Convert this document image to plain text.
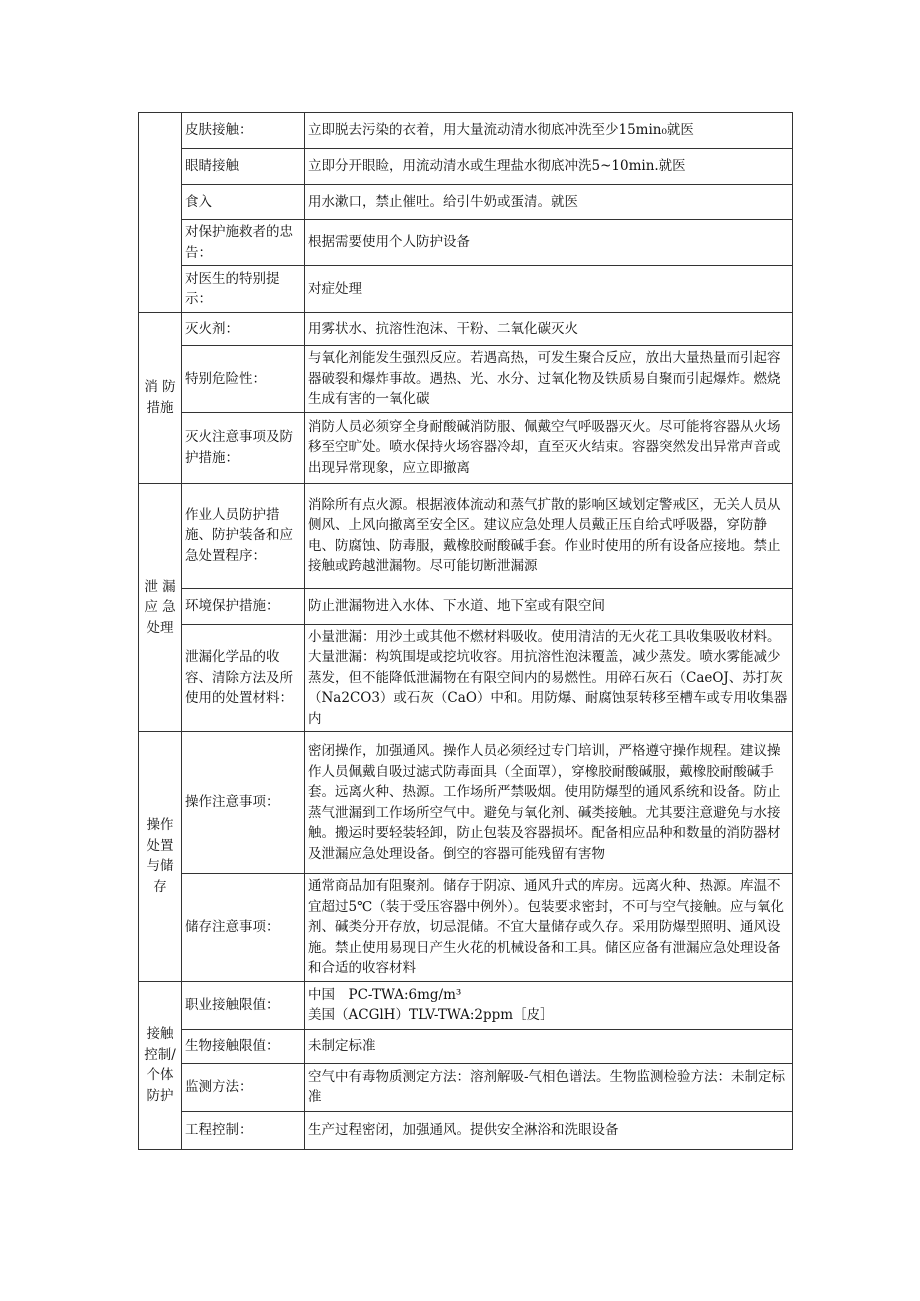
	皮肤接触：	立即脱去污染的衣着，用大量流动清水彻底冲洗至少15min₀就医
	眼睛接触	立即分开眼睑，用流动清水或生理盐水彻底冲洗5~10min.就医
	食入	用水漱口，禁止催吐。给引牛奶或蛋清。就医
	对保护施救者的忠告：	根据需要使用个人防护设备
	对医生的特别提示：	对症处理
消 防措施	灭火剂：	用雾状水、抗溶性泡沫、干粉、二氧化碳灭火
	特别危险性：	与氧化剂能发生强烈反应。若遇高热，可发生聚合反应，放出大量热量而引起容器破裂和爆炸事故。遇热、光、水分、过氧化物及铁质易自聚而引起爆炸。燃烧生成有害的一氧化碳
	灭火注意事项及防护措施：	消防人员必须穿全身耐酸碱消防服、佩戴空气呼吸器灭火。尽可能将容器从火场移至空旷处。喷水保持火场容器冷却，直至灭火结束。容器突然发出异常声音或出现异常现象，应立即撤离
泄 漏应 急处理	作业人员防护措施、防护装备和应急处置程序：	消除所有点火源。根据液体流动和蒸气扩散的影响区域划定警戒区，无关人员从侧风、上风向撤离至安全区。建议应急处理人员戴正压自给式呼吸器，穿防静电、防腐蚀、防毒服，戴橡胶耐酸碱手套。作业时使用的所有设备应接地。禁止接触或跨越泄漏物。尽可能切断泄漏源
	环境保护措施：	防止泄漏物进入水体、下水道、地下室或有限空间
	泄漏化学品的收容、清除方法及所使用的处置材料：	小量泄漏：用沙土或其他不燃材料吸收。使用清洁的无火花工具收集吸收材料。大量泄漏：构筑围堤或挖坑收容。用抗溶性泡沫覆盖，减少蒸发。喷水雾能减少蒸发，但不能降低泄漏物在有限空间内的易燃性。用碎石灰石（CaeOJ、苏打灰（Na2CO3）或石灰（CaO）中和。用防爆、耐腐蚀泵转移至槽车或专用收集器内
操作处置与储存	操作注意事项：	密闭操作，加强通风。操作人员必须经过专门培训，严格遵守操作规程。建议操作人员佩戴自吸过滤式防毒面具（全面罩），穿橡胶耐酸碱服，戴橡胶耐酸碱手套。远离火种、热源。工作场所严禁吸烟。使用防爆型的通风系统和设备。防止蒸气泄漏到工作场所空气中。避免与氧化剂、碱类接触。尤其要注意避免与水接触。搬运时要轻装轻卸，防止包装及容器损坏。配备相应品种和数量的消防器材及泄漏应急处理设备。倒空的容器可能残留有害物
	储存注意事项：	通常商品加有阻聚剂。储存于阴凉、通风升式的库房。远离火种、热源。库温不宜超过5℃（装于受压容器中例外）。包装要求密封，不可与空气接触。应与氧化剂、碱类分开存放，切忌混储。不宜大量储存或久存。采用防爆型照明、通风设施。禁止使用易现日产生火花的机械设备和工具。储区应备有泄漏应急处理设备和合适的收容材料
接触控制/个体防护	职业接触限值：	中国　PC-TWA:6mg/m³
美国（ACGlH）TLV-TWA:2ppm［皮］

	生物接触限值：	未制定标准
	监测方法：	空气中有毒物质测定方法：溶剂解吸-气相色谱法。生物监测检验方法：未制定标准
	工程控制：	生产过程密闭，加强通风。提供安全淋浴和洗眼设备
